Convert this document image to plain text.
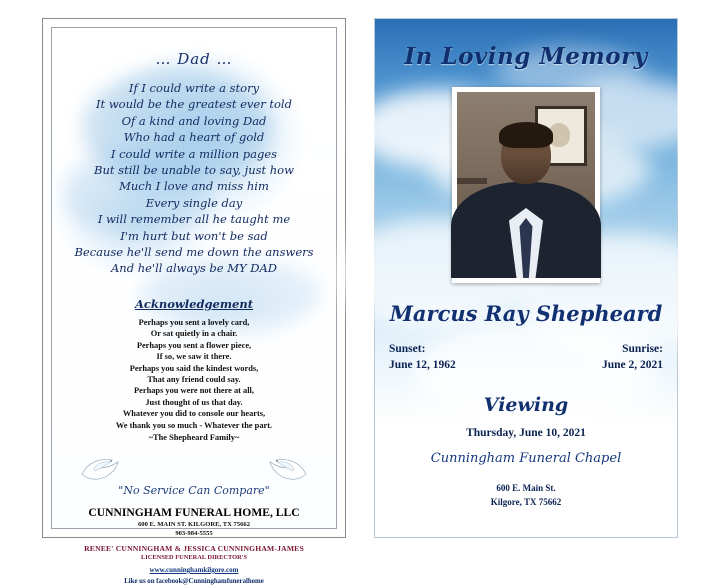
… Dad …
If I could write a story
It would be the greatest ever told
Of a kind and loving Dad
Who had a heart of gold
I could write a million pages
But still be unable to say, just how
Much I love and miss him
Every single day
I will remember all he taught me
I'm hurt but won't be sad
Because he'll send me down the answers
And he'll always be MY DAD
Acknowledgement
Perhaps you sent a lovely card,
Or sat quietly in a chair.
Perhaps you sent a flower piece,
If so, we saw it there.
Perhaps you said the kindest words,
That any friend could say.
Perhaps you were not there at all,
Just thought of us that day.
Whatever you did to console our hearts,
We thank you so much - Whatever the part.
~The Shepheard Family~
"No Service Can Compare"
CUNNINGHAM FUNERAL HOME, LLC
600 E. MAIN ST. KILGORE, TX 75662
903-984-5555
RENEE' CUNNINGHAM & JESSICA CUNNINGHAM-JAMES
LICENSED FUNERAL DIRECTOR'S
www.cunninghamkilgore.com
Like us on facebook@Cunninghamfuneralhome
In Loving Memory
Marcus Ray Shepheard
Sunset:
June 12, 1962
Sunrise:
June 2, 2021
Viewing
Thursday, June 10, 2021
Cunningham Funeral Chapel
600 E. Main St.
Kilgore, TX 75662
